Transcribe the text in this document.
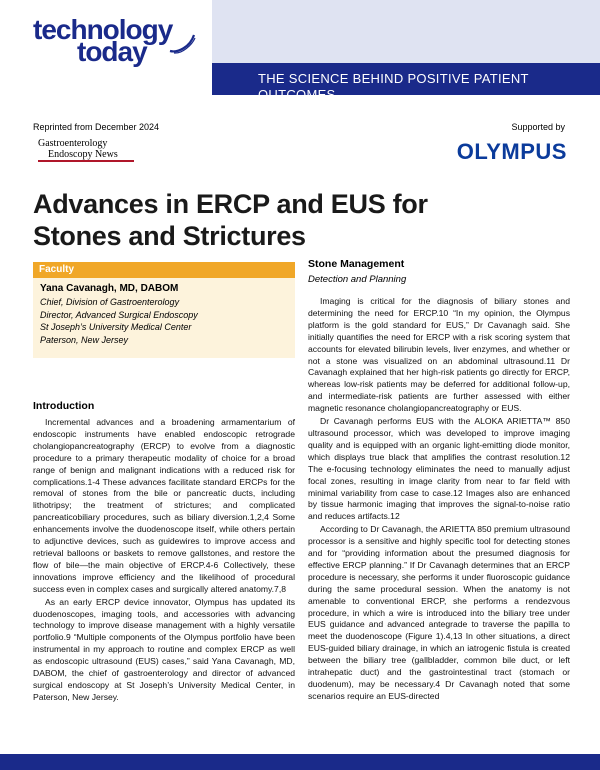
technology
today
THE SCIENCE BEHIND POSITIVE PATIENT OUTCOMES
Reprinted from December 2024	Supported by
Gastroenterology
Endoscopy News	OLYMPUS
Advances in ERCP and EUS for Stones and Strictures
Faculty
Yana Cavanagh, MD, DABOM
Chief, Division of Gastroenterology
Director, Advanced Surgical Endoscopy
St Joseph’s University Medical Center
Paterson, New Jersey
Introduction

Incremental advances and a broadening armamentarium of endoscopic instruments have enabled endoscopic retrograde cholangiopancreatography (ERCP) to evolve from a diagnostic procedure to a primary therapeutic modality of choice for a broad range of benign and malignant indications with a reduced risk for complications.1-4 These advances facilitate standard ERCPs for the removal of stones from the bile or pancreatic ducts, including lithotripsy; the treatment of strictures; and complicated pancreaticobiliary procedures, such as biliary diversion.1,2,4 Some enhancements involve the duodenoscope itself, while others pertain to adjunctive devices, such as guidewires to improve access and retrieval balloons or baskets to remove gallstones, and restore the flow of bile—the main objective of ERCP.4-6 Collectively, these innovations improve efficiency and the likelihood of procedural success even in complex cases and surgically altered anatomy.7,8

As an early ERCP device innovator, Olympus has updated its duodenoscopes, imaging tools, and accessories with advancing technology to improve disease management with a highly versatile portfolio.9 “Multiple components of the Olympus portfolio have been instrumental in my approach to routine and complex ERCP as well as endoscopic ultrasound (EUS) cases,” said Yana Cavanagh, MD, DABOM, the chief of gastroenterology and director of advanced surgical endoscopy at St Joseph’s University Medical Center, in Paterson, New Jersey.

Stone Management
Detection and Planning

Imaging is critical for the diagnosis of biliary stones and determining the need for ERCP.10 “In my opinion, the Olympus platform is the gold standard for EUS,” Dr Cavanagh said. She initially quantifies the need for ERCP with a risk scoring system that accounts for elevated bilirubin levels, liver enzymes, and whether or not a stone was visualized on an abdominal ultrasound.11 Dr Cavanagh explained that her high-risk patients go directly for ERCP, whereas low-risk patients may be deferred for additional follow-up, and intermediate-risk patients are further assessed with either magnetic resonance cholangiopancreatography or EUS.

Dr Cavanagh performs EUS with the ALOKA ARIETTA™ 850 ultrasound processor, which was developed to improve imaging quality and is equipped with an organic light-emitting diode monitor, which displays true black that amplifies the contrast resolution.12 The e-focusing technology eliminates the need to manually adjust focal zones, resulting in image clarity from near to far field with minimal variability from case to case.12 Images also are enhanced by tissue harmonic imaging that improves the signal-to-noise ratio and reduces artifacts.12

According to Dr Cavanagh, the ARIETTA 850 premium ultrasound processor is a sensitive and highly specific tool for detecting stones and for “providing information about the presumed diagnosis for effective ERCP planning.” If Dr Cavanagh determines that an ERCP procedure is necessary, she performs it under fluoroscopic guidance during the same procedural session. When the anatomy is not amenable to conventional ERCP, she performs a rendezvous procedure, in which a wire is introduced into the biliary tree under EUS guidance and advanced antegrade to traverse the papilla to meet the duodenoscope (Figure 1).4,13 In other situations, a direct EUS-guided biliary drainage, in which an iatrogenic fistula is created between the biliary tree (gallbladder, common bile duct, or left intrahepatic duct) and the gastrointestinal tract (stomach or duodenum), may be necessary.4 Dr Cavanagh noted that some scenarios require an EUS-directed
